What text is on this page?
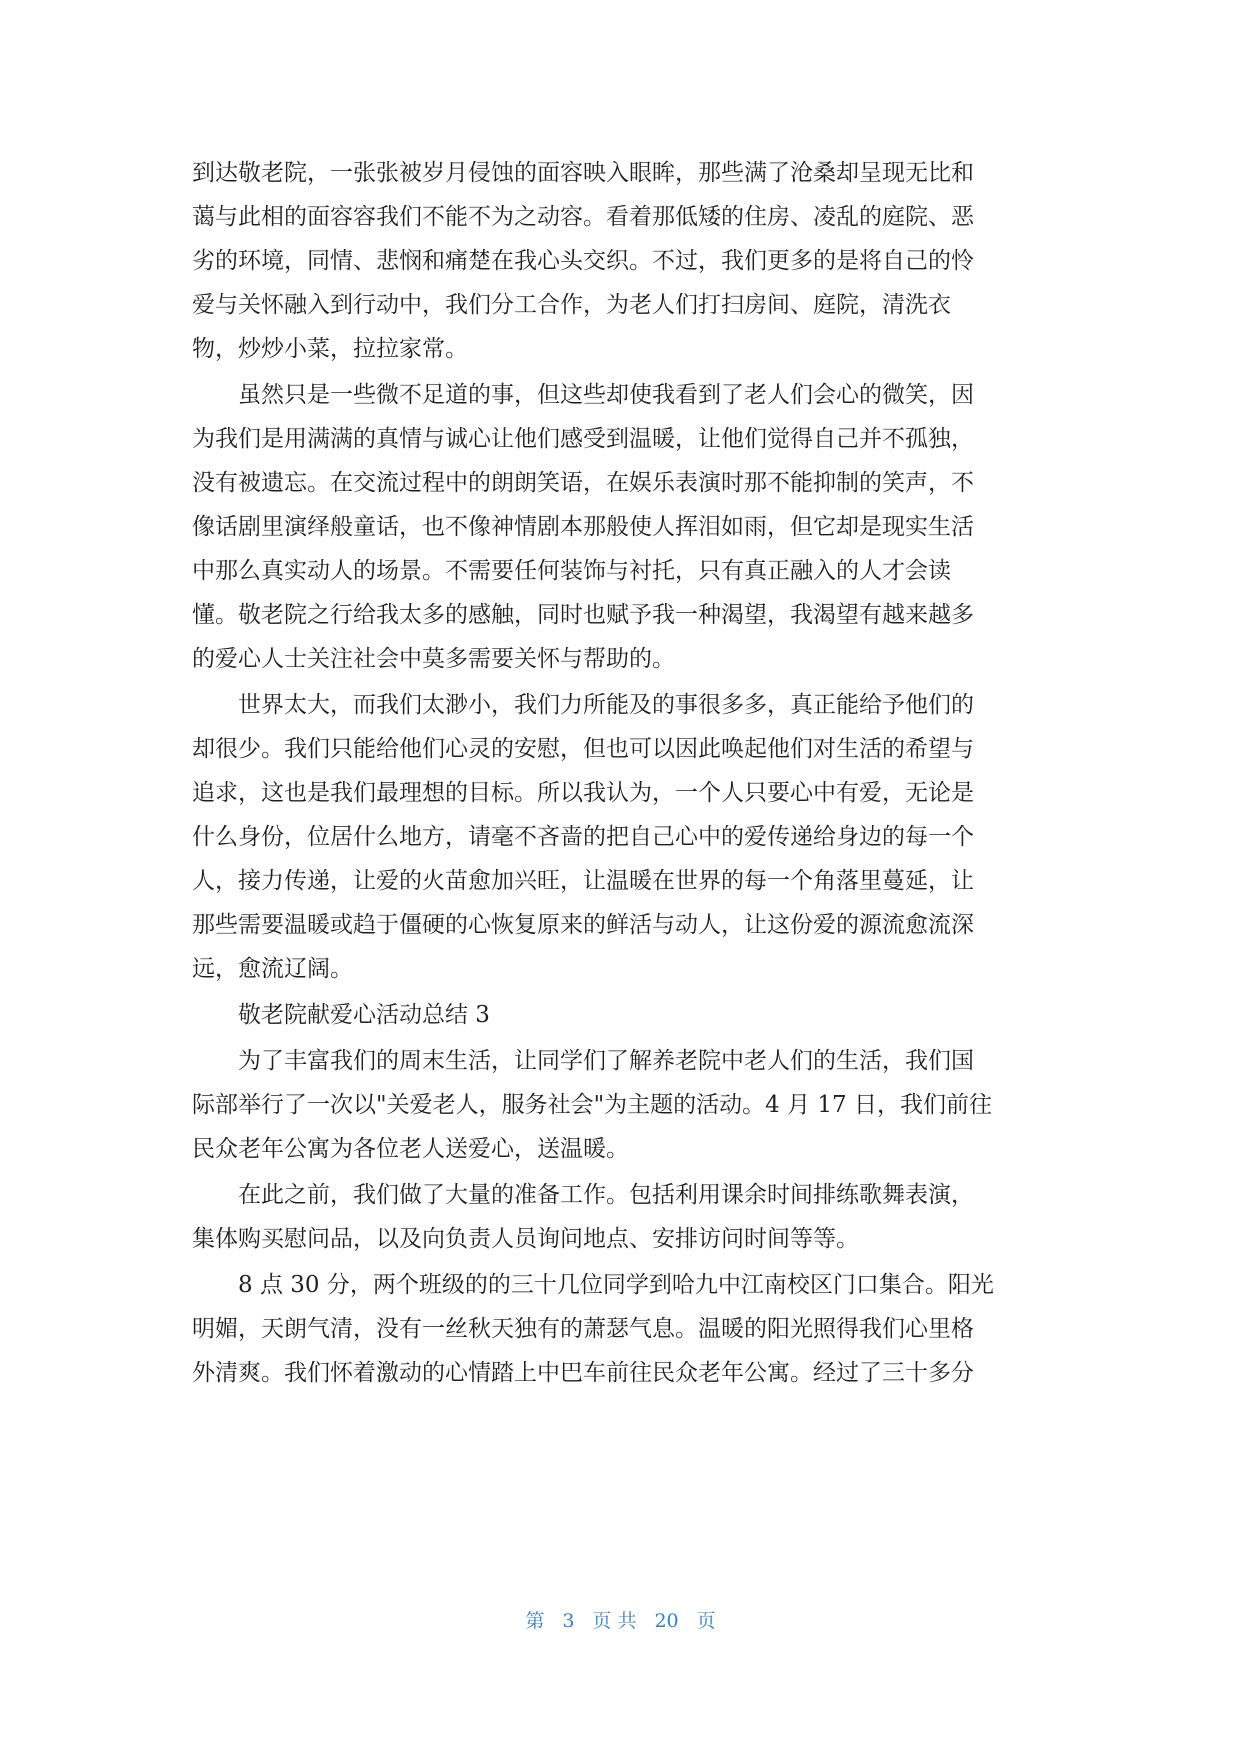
到达敬老院，一张张被岁月侵蚀的面容映入眼眸，那些满了沧桑却呈现无比和
蔼与此相的面容容我们不能不为之动容。看着那低矮的住房、凌乱的庭院、恶
劣的环境，同情、悲悯和痛楚在我心头交织。不过，我们更多的是将自己的怜
爱与关怀融入到行动中，我们分工合作，为老人们打扫房间、庭院，清洗衣
物，炒炒小菜，拉拉家常。
虽然只是一些微不足道的事，但这些却使我看到了老人们会心的微笑，因
为我们是用满满的真情与诚心让他们感受到温暖，让他们觉得自己并不孤独，
没有被遗忘。在交流过程中的朗朗笑语，在娱乐表演时那不能抑制的笑声，不
像话剧里演绎般童话，也不像神情剧本那般使人挥泪如雨，但它却是现实生活
中那么真实动人的场景。不需要任何装饰与衬托，只有真正融入的人才会读
懂。敬老院之行给我太多的感触，同时也赋予我一种渴望，我渴望有越来越多
的爱心人士关注社会中莫多需要关怀与帮助的。
世界太大，而我们太渺小，我们力所能及的事很多多，真正能给予他们的
却很少。我们只能给他们心灵的安慰，但也可以因此唤起他们对生活的希望与
追求，这也是我们最理想的目标。所以我认为，一个人只要心中有爱，无论是
什么身份，位居什么地方，请毫不吝啬的把自己心中的爱传递给身边的每一个
人，接力传递，让爱的火苗愈加兴旺，让温暖在世界的每一个角落里蔓延，让
那些需要温暖或趋于僵硬的心恢复原来的鲜活与动人，让这份爱的源流愈流深
远，愈流辽阔。
敬老院献爱心活动总结 3
为了丰富我们的周末生活，让同学们了解养老院中老人们的生活，我们国
际部举行了一次以"关爱老人，服务社会"为主题的活动。4 月 17 日，我们前往
民众老年公寓为各位老人送爱心，送温暖。
在此之前，我们做了大量的准备工作。包括利用课余时间排练歌舞表演，
集体购买慰问品，以及向负责人员询问地点、安排访问时间等等。
8 点 30 分，两个班级的的三十几位同学到哈九中江南校区门口集合。阳光
明媚，天朗气清，没有一丝秋天独有的萧瑟气息。温暖的阳光照得我们心里格
外清爽。我们怀着激动的心情踏上中巴车前往民众老年公寓。经过了三十多分
第 3 页 共 20 页
